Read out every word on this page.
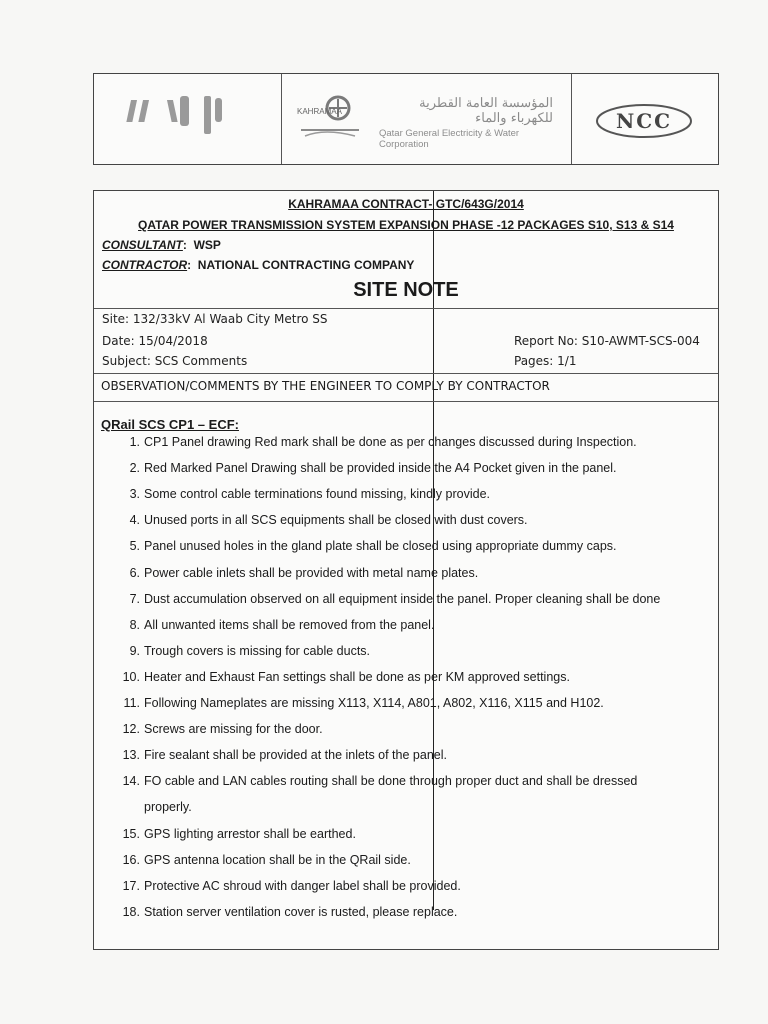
KAHRAMAA
المؤسسة العامة القطرية للكهرباء والماء
Qatar General Electricity & Water Corporation
NCC
KAHRAMAA CONTRACT- GTC/643G/2014
QATAR POWER TRANSMISSION SYSTEM EXPANSION PHASE -12 PACKAGES S10, S13 & S14
CONSULTANT:  WSP
CONTRACTOR:  NATIONAL CONTRACTING COMPANY
SITE NOTE
Site: 132/33kV Al Waab City Metro SS
Date: 15/04/2018	Report No: S10-AWMT-SCS-004
Subject: SCS Comments	Pages: 1/1
OBSERVATION/COMMENTS BY THE ENGINEER TO COMPLY BY CONTRACTOR
QRail SCS CP1 – ECF:
1. CP1 Panel drawing Red mark shall be done as per changes discussed during Inspection.
2. Red Marked Panel Drawing shall be provided inside the A4 Pocket given in the panel.
3. Some control cable terminations found missing, kindly provide.
4. Unused ports in all SCS equipments shall be closed with dust covers.
5. Panel unused holes in the gland plate shall be closed using appropriate dummy caps.
6. Power cable inlets shall be provided with metal name plates.
7. Dust accumulation observed on all equipment inside the panel. Proper cleaning shall be done
8. All unwanted items shall be removed from the panel.
9. Trough covers is missing for cable ducts.
10. Heater and Exhaust Fan settings shall be done as per KM approved settings.
11. Following Nameplates are missing X113, X114, A801, A802, X116, X115 and H102.
12. Screws are missing for the door.
13. Fire sealant shall be provided at the inlets of the panel.
14. FO cable and LAN cables routing shall be done through proper duct and shall be dressed
properly.
15. GPS lighting arrestor shall be earthed.
16. GPS antenna location shall be in the QRail side.
17. Protective AC shroud with danger label shall be provided.
18. Station server ventilation cover is rusted, please replace.
